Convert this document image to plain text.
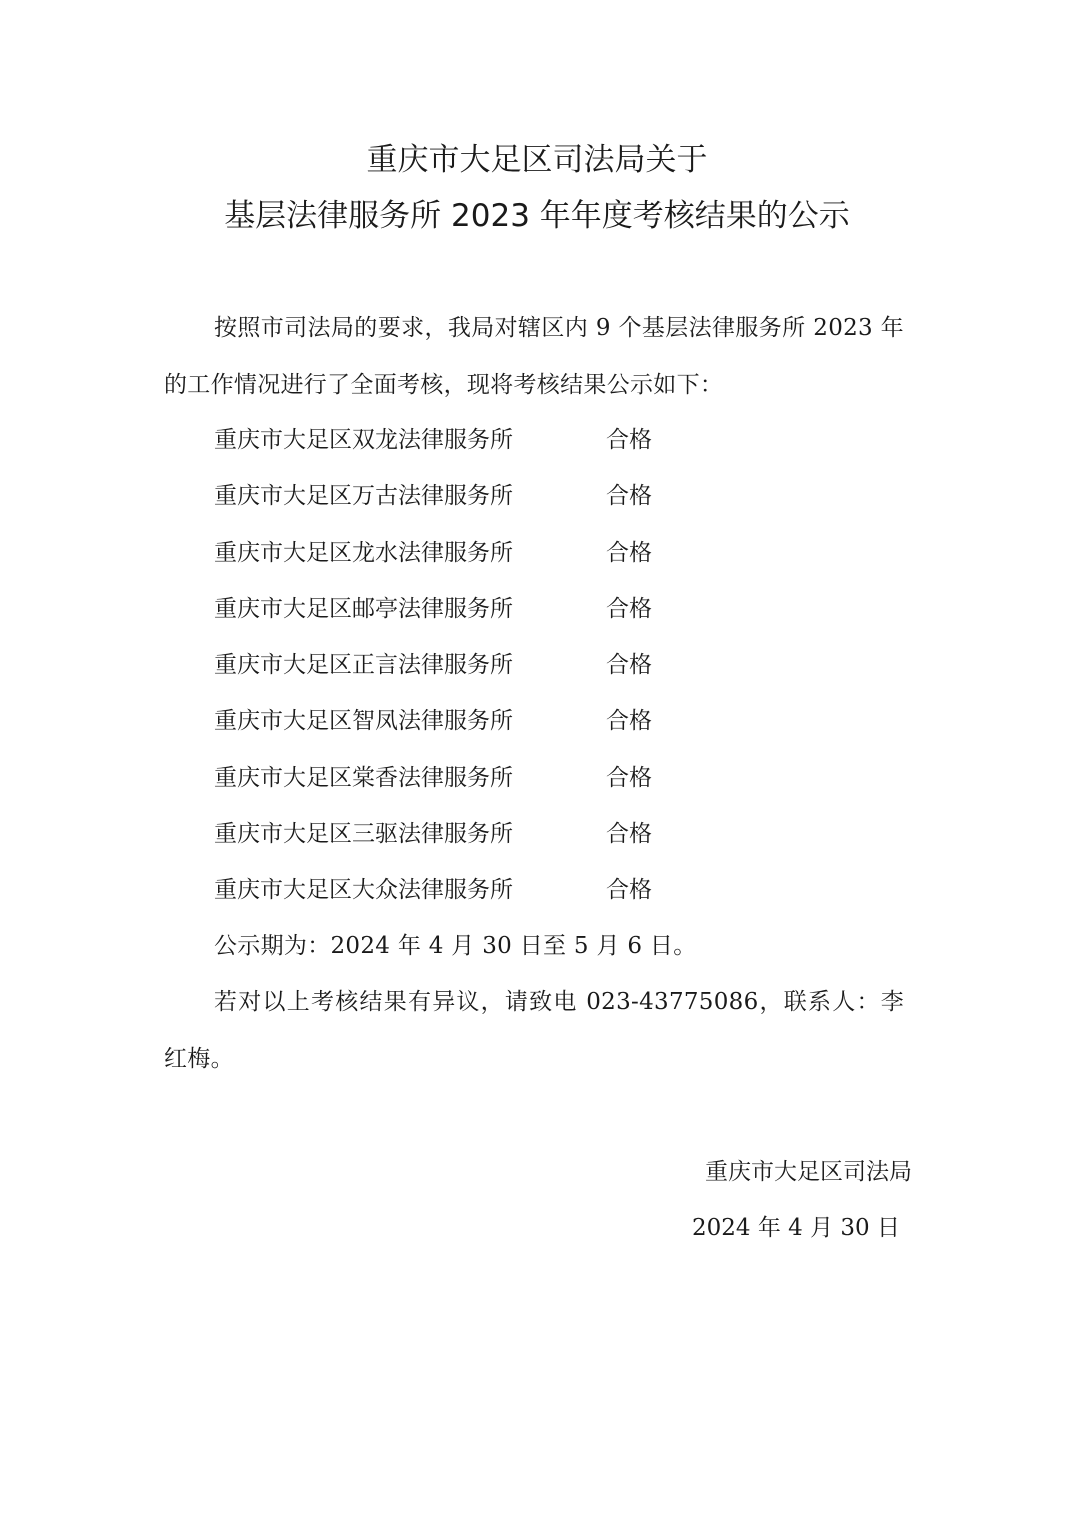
重庆市大足区司法局关于
基层法律服务所 2023 年年度考核结果的公示

按照市司法局的要求，我局对辖区内 9 个基层法律服务所 2023 年的工作情况进行了全面考核，现将考核结果公示如下：

重庆市大足区双龙法律服务所	合格
重庆市大足区万古法律服务所	合格
重庆市大足区龙水法律服务所	合格
重庆市大足区邮亭法律服务所	合格
重庆市大足区正言法律服务所	合格
重庆市大足区智凤法律服务所	合格
重庆市大足区棠香法律服务所	合格
重庆市大足区三驱法律服务所	合格
重庆市大足区大众法律服务所	合格

公示期为：2024 年 4 月 30 日至 5 月 6 日。

若对以上考核结果有异议，请致电 023-43775086，联系人：李红梅。

重庆市大足区司法局
2024 年 4 月 30 日
